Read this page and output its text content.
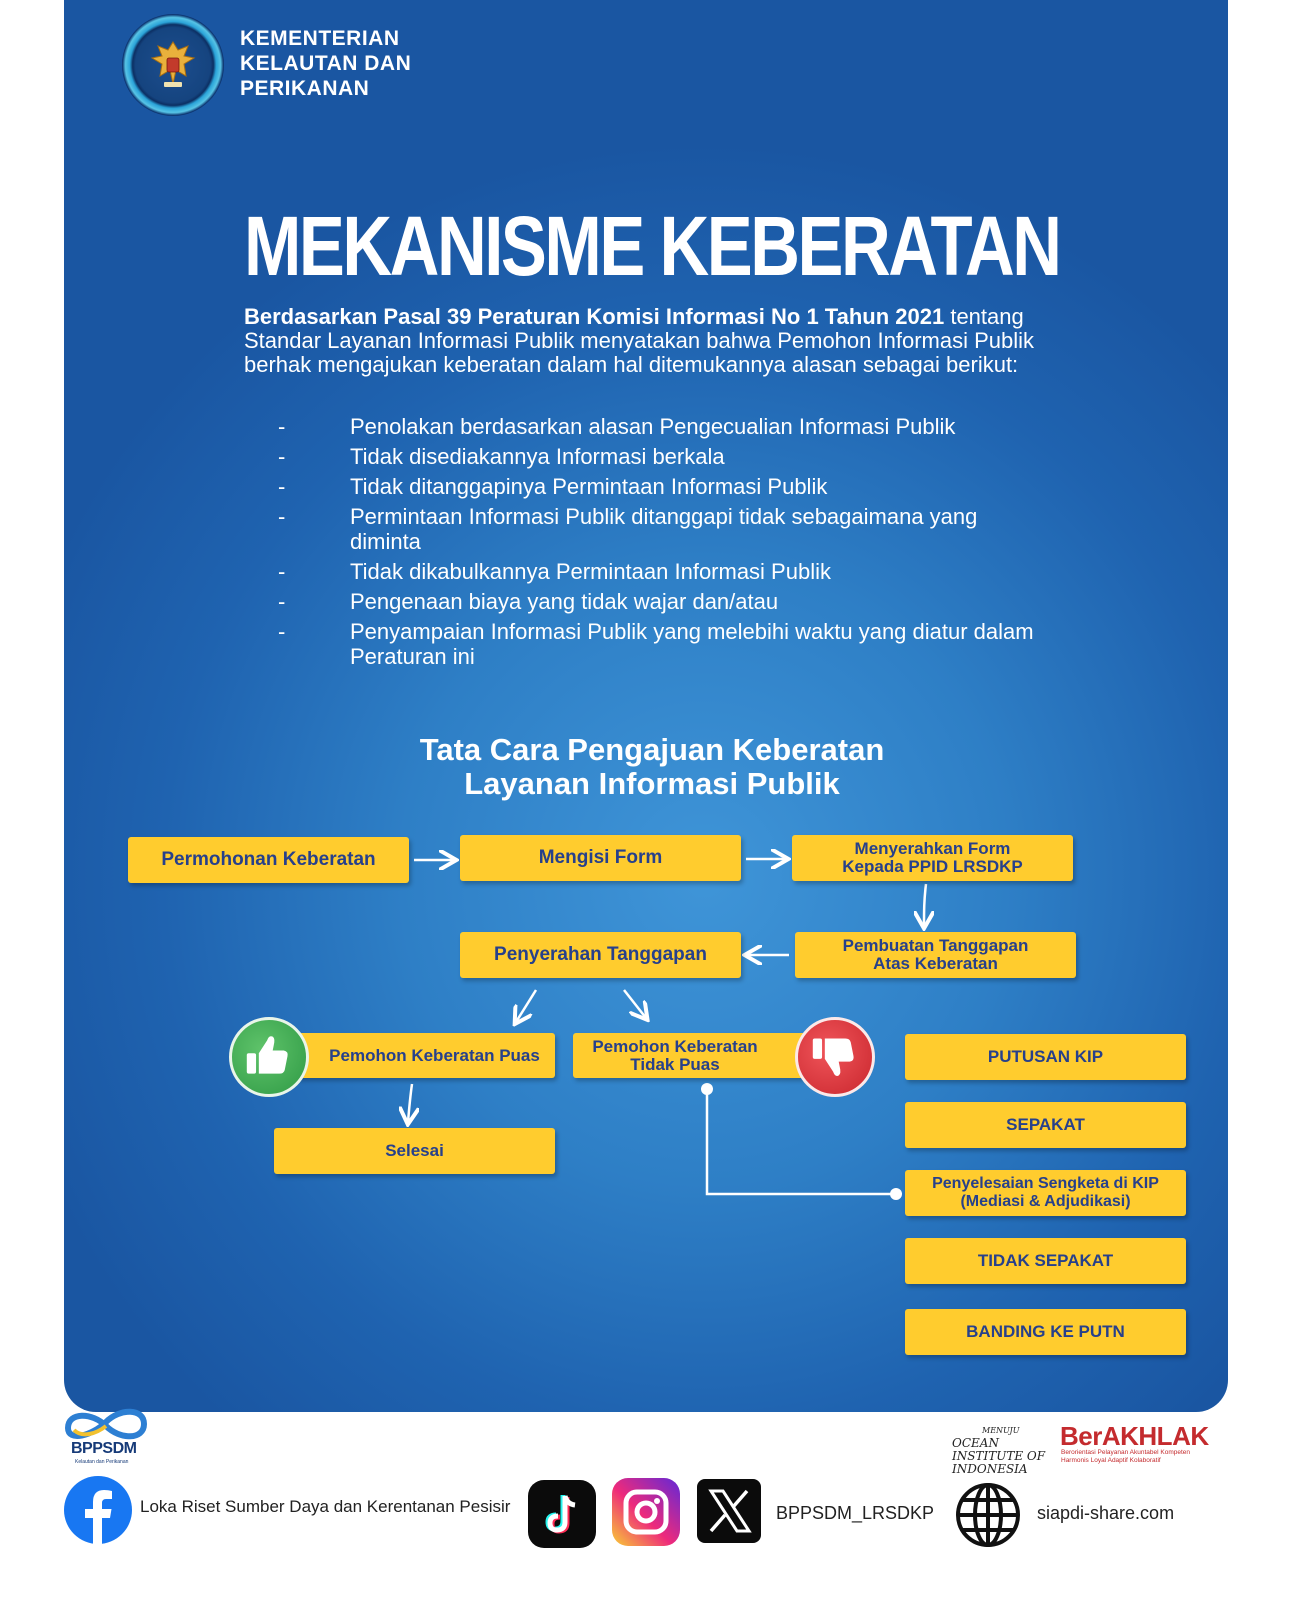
KEMENTERIAN
KELAUTAN DAN
PERIKANAN
MEKANISME KEBERATAN

Berdasarkan Pasal 39 Peraturan Komisi Informasi No 1 Tahun 2021 tentang Standar Layanan Informasi Publik menyatakan bahwa Pemohon Informasi Publik berhak mengajukan keberatan dalam hal ditemukannya alasan sebagai berikut:

-	Penolakan berdasarkan alasan Pengecualian Informasi Publik
-	Tidak disediakannya Informasi berkala
-	Tidak ditanggapinya Permintaan Informasi Publik
-	Permintaan Informasi Publik ditanggapi tidak sebagaimana yang diminta
-	Tidak dikabulkannya Permintaan Informasi Publik
-	Pengenaan biaya yang tidak wajar dan/atau
-	Penyampaian Informasi Publik yang melebihi waktu yang diatur dalam Peraturan ini
Tata Cara Pengajuan Keberatan
Layanan Informasi Publik
Permohonan Keberatan	Mengisi Form	Menyerahkan Form
Kepada PPID LRSDKP
Pembuatan Tanggapan
Atas Keberatan
Penyerahan Tanggapan
Pemohon Keberatan Puas	Pemohon Keberatan
Tidak Puas
Selesai
PUTUSAN KIP
SEPAKAT
Penyelesaian Sengketa di KIP
(Mediasi & Adjudikasi)
TIDAK SEPAKAT
BANDING KE PUTN
BPPSDM
Kelautan dan Perikanan
MENUJU
OCEAN INSTITUTE OF INDONESIA
BerAKHLAK
Berorientasi Pelayanan Akuntabel Kompeten Harmonis Loyal Adaptif Kolaboratif
Loka Riset Sumber Daya dan Kerentanan Pesisir	BPPSDM_LRSDKP	siapdi-share.com
